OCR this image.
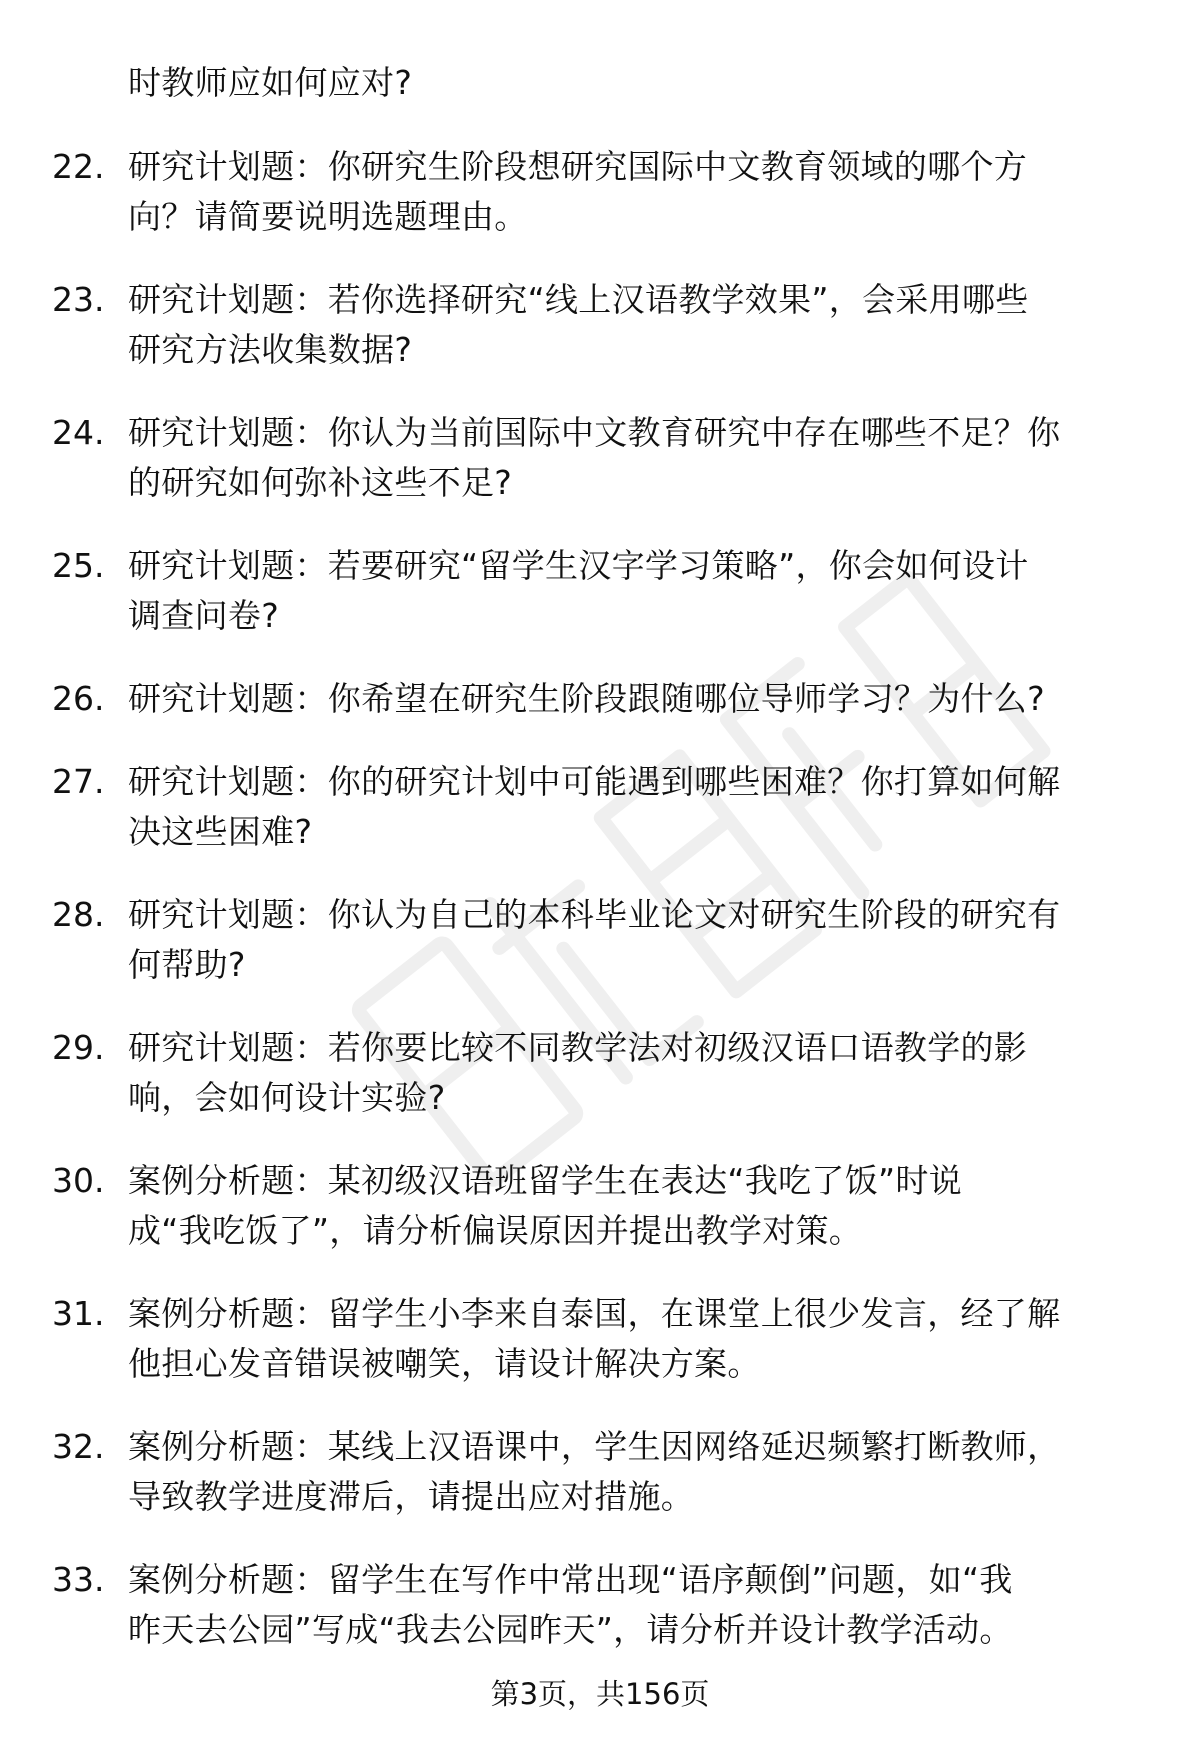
时教师应如何应对?
22. 研究计划题：你研究生阶段想研究国际中文教育领域的哪个方
向？请简要说明选题理由。
23. 研究计划题：若你选择研究“线上汉语教学效果”，会采用哪些
研究方法收集数据?
24. 研究计划题：你认为当前国际中文教育研究中存在哪些不足？你
的研究如何弥补这些不足?
25. 研究计划题：若要研究“留学生汉字学习策略”，你会如何设计
调查问卷?
26. 研究计划题：你希望在研究生阶段跟随哪位导师学习？为什么?
27. 研究计划题：你的研究计划中可能遇到哪些困难？你打算如何解
决这些困难?
28. 研究计划题：你认为自己的本科毕业论文对研究生阶段的研究有
何帮助?
29. 研究计划题：若你要比较不同教学法对初级汉语口语教学的影
响，会如何设计实验?
30. 案例分析题：某初级汉语班留学生在表达“我吃了饭”时说
成“我吃饭了”，请分析偏误原因并提出教学对策。
31. 案例分析题：留学生小李来自泰国，在课堂上很少发言，经了解
他担心发音错误被嘲笑，请设计解决方案。
32. 案例分析题：某线上汉语课中，学生因网络延迟频繁打断教师，
导致教学进度滞后，请提出应对措施。
33. 案例分析题：留学生在写作中常出现“语序颠倒”问题，如“我
昨天去公园”写成“我去公园昨天”，请分析并设计教学活动。
第3页，共156页
